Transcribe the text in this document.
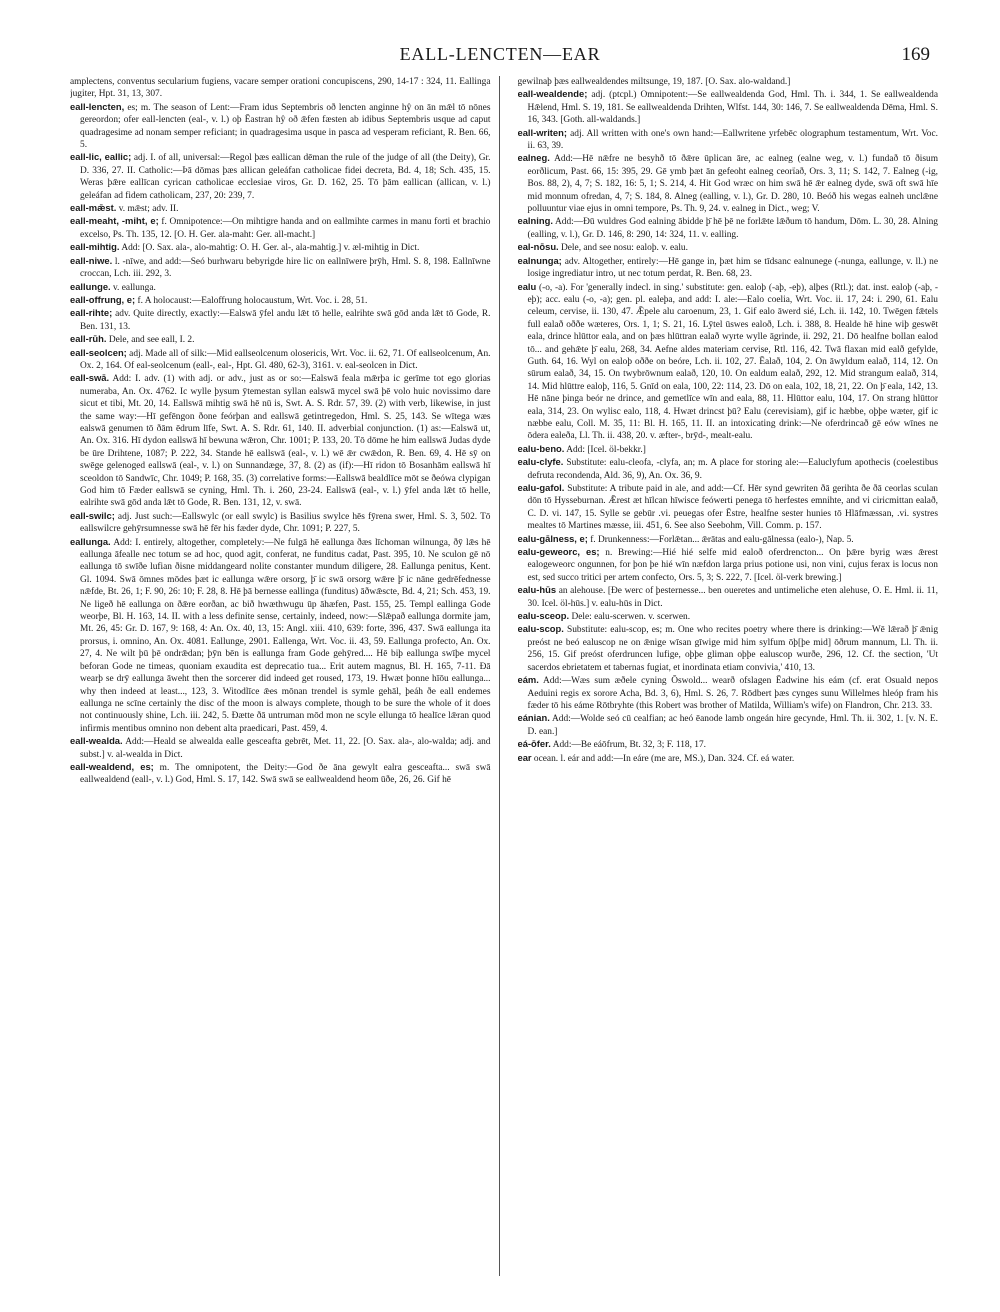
EALL-LENCTEN—EAR	169

amplectens, conventus secularium fugiens, vacare semper orationi concupiscens, 290, 14-17 : 324, 11. Eallinga jugiter, Hpt. 31, 13, 307.

eall-lencten, es; m. The season of Lent:—Fram idus Septembris oð lencten anginne hŷ on ān mǣl tō nōnes gereordon; ofer eall-lencten (eal-, v. l.) oþ Ēastran hŷ oð ǣfen fæsten ab idibus Septembris usque ad caput quadragesime ad nonam semper reficiant; in quadragesima usque in pasca ad vesperam reficiant, R. Ben. 66, 5.

eall-lic, eallic; adj. I. of all, universal:—Regol þæs eallican dēman the rule of the judge of all (the Deity), Gr. D. 336, 27. II. Catholic:—Þā dōmas þæs allican geleáfan catholicae fidei decreta, Bd. 4, 18; Sch. 435, 15. Weras þǣre eallīcan cyrican catholicae ecclesiae viros, Gr. D. 162, 25. Tō þām eallican (allican, v. l.) geleáfan ad fidem catholicam, 237, 20: 239, 7.

eall-mǣst. v. mǣst; adv. II.

eall-meaht, -miht, e; f. Omnipotence:—On mihtigre handa and on eallmihte carmes in manu forti et brachio excelso, Ps. Th. 135, 12. [O. H. Ger. ala-maht: Ger. all-macht.]

eall-mihtig. Add: [O. Sax. ala-, alo-mahtig: O. H. Ger. al-, ala-mahtig.] v. æl-mihtig in Dict.

eall-niwe. l. -nīwe, and add:—Seó burhwaru bebyrigde hire lic on eallnīwere þrȳh, Hml. S. 8, 198. Eallnīwne croccan, Lch. iii. 292, 3.

eallunge. v. eallunga.

eall-offrung, e; f. A holocaust:—Ealoffrung holocaustum, Wrt. Voc. i. 28, 51.

eall-rihte; adv. Quite directly, exactly:—Ealswā ȳfel andu lǣt tō helle, ealrihte swā gōd anda lǣt tō Gode, R. Ben. 131, 13.

eall-rūh. Dele, and see eall, I. 2.

eall-seolcen; adj. Made all of silk:—Mid eallseolcenum olosericis, Wrt. Voc. ii. 62, 71. Of eallseolcenum, An. Ox. 2, 164. Of eal-seolcenum (eall-, eal-, Hpt. Gl. 480, 62-3), 3161. v. eal-seolcen in Dict.

eall-swā. Add: I. adv. (1) with adj. or adv., just as or so:—Ealswā feala mǣrþa ic gerīme tot ego glorias numeraba, An. Ox. 4762. Ic wylle þysum ȳtemestan syllan ealswā mycel swā þē volo huic novissimo dare sicut et tibi, Mt. 20, 14. Eallswā mihtig swā hē nū is, Swt. A. S. Rdr. 57, 39. (2) with verb, likewise, in just the same way:—Hī gefēngon ðone feórþan and eallswā getintregedon, Hml. S. 25, 143. Se wītega wæs ealswā genumen tō ðām ēdrum līfe, Swt. A. S. Rdr. 61, 140. II. adverbial conjunction. (1) as:—Ealswā ut, An. Ox. 316. Hī dydon eallswā hī bewuna wǣron, Chr. 1001; P. 133, 20. Tō dōme he him eallswā Judas dyde be ūre Drihtene, 1087; P. 222, 34. Stande hē eallswā (eal-, v. l.) wē ǣr cwǣdon, R. Ben. 69, 4. Hē sȳ on swēge gelenoged eallswā (eal-, v. l.) on Sunnandæge, 37, 8. (2) as (if):—Hī ridon tō Bosanhām eallswā hī sceoldon tō Sandwīc, Chr. 1049; P. 168, 35. (3) correlative forms:—Eallswā bealdlīce mōt se ðeówa clypigan God him tō Fæder eallswā se cyning, Hml. Th. i. 260, 23-24. Eallswā (eal-, v. l.) ȳfel anda lǣt tō helle, ealrihte swā gōd anda lǣt tō Gode, R. Ben. 131, 12, v. swā.

eall-swilc; adj. Just such:—Eallswylc (or eall swylc) is Basilius swylce hēs fȳrena swer, Hml. S. 3, 502. Tō eallswilcre gehȳrsumnesse swā hē fēr his fæder dyde, Chr. 1091; P. 227, 5.

eallunga. Add: I. entirely, altogether, completely:—Ne fulgā hē eallunga ðæs līchoman wilnunga, ðȳ lǣs hē eallunga āfealle nec totum se ad hoc, quod agit, conferat, ne funditus cadat, Past. 395, 10. Ne sculon gē nō eallunga tō swīðe lufian ðisne middangeard nolite constanter mundum diligere, 28. Eallunga penitus, Kent. Gl. 1094. Swā ōmnes mōdes þæt ic eallunga wǣre orsorg, þ̄ ic swā orsorg wǣre þ̄ ic nāne gedrēfednesse nǣfde, Bt. 26, 1; F. 90, 26: 10; F. 28, 8. Hē þā bernesse eallinga (funditus) āðwǣscte, Bd. 4, 21; Sch. 453, 19. Ne ligeð hē eallunga on ðǣre eorðan, ac bið hwæthwugu ūp āhæfen, Past. 155, 25. Templ eallinga Gode weorþe, Bl. H. 163, 14. II. with a less definite sense, certainly, indeed, now:—Slǣpað eallunga dormite jam, Mt. 26, 45: Gr. D. 167, 9: 168, 4: An. Ox. 40, 13, 15: Angl. xiii. 410, 639: forte, 396, 437. Swā eallunga ita prorsus, i. omnino, An. Ox. 4081. Eallunge, 2901. Eallenga, Wrt. Voc. ii. 43, 59. Eallunga profecto, An. Ox. 27, 4. Ne wilt þū þē ondrǣdan; þȳn bēn is eallunga fram Gode gehȳred.... Hē biþ eallunga swīþe mycel beforan Gode ne timeas, quoniam exaudita est deprecatio tua... Erit autem magnus, Bl. H. 165, 7-11. Ðā wearþ se drȳ eallunga āweht then the sorcerer did indeed get roused, 173, 19. Hwæt þonne hīōu eallunga... why then indeed at least..., 123, 3. Witodlīce ǣes mōnan trendel is symle gehāl, þeáh ðe eall endemes eallunga ne scīne certainly the disc of the moon is always complete, though to be sure the whole of it does not continuously shine, Lch. iii. 242, 5. Ðætte ðā untruman mōd mon ne scyle ellunga tō healīce lǣran quod infirmis mentibus omnino non debent alta praedicari, Past. 459, 4.

eall-wealda. Add:—Heald se alwealda ealle gesceafta gebrēt, Met. 11, 22. [O. Sax. ala-, alo-walda; adj. and subst.] v. al-wealda in Dict.

eall-wealdend, es; m. The omnipotent, the Deity:—God ðe āna gewylt ealra gesceafta... swā swā eallwealdend (eall-, v. l.) God, Hml. S. 17, 142. Swā swā se eallwealdend heom ūðe, 26, 26. Gif hē

gewilnaþ þæs eallwealdendes miltsunge, 19, 187. [O. Sax. alo-waldand.]

eall-wealdende; adj. (ptcpl.) Omnipotent:—Se eallwealdenda God, Hml. Th. i. 344, 1. Se eallwealdenda Hǣlend, Hml. S. 19, 181. Se eallwealdenda Drihten, Wlfst. 144, 30: 146, 7. Se eallwealdenda Dēma, Hml. S. 16, 343. [Goth. all-waldands.]

eall-writen; adj. All written with one's own hand:—Eallwritene yrfebēc olographum testamentum, Wrt. Voc. ii. 63, 39.

ealneg. Add:—Hē nǣfre ne besyhð tō ðǣre ūplican āre, ac ealneg (ealne weg, v. l.) fundað tō ðisum eorðlicum, Past. 66, 15: 395, 29. Gē ymb þæt ān gefeoht ealneg ceorïað, Ors. 3, 11; S. 142, 7. Ealneg (-ig, Bos. 88, 2), 4, 7; S. 182, 16: 5, 1; S. 214, 4. Hit God wræc on him swā hē ǣr ealneg dyde, swā oft swā hīe mid monnum ofredan, 4, 7; S. 184, 8. Alneg (ealling, v. l.), Gr. D. 280, 10. Beóð his wegas ealneh unclǣne polluuntur viae ejus in omni tempore, Ps. Th. 9, 24. v. ealneg in Dict., weg; V.

ealning. Add:—Ðū wuldres God ealning ābidde þ̄ hē þē ne forlǣte lǣðum tō handum, Dōm. L. 30, 28. Alning (ealling, v. l.), Gr. D. 146, 8: 290, 14: 324, 11. v. ealling.

eal-nōsu. Dele, and see nosu: ealoþ. v. ealu.

ealnunga; adv. Altogether, entirely:—Hē gange in, þæt him se tīdsanc ealnunege (-nunga, eallunge, v. ll.) ne losige ingrediatur intro, ut nec totum perdat, R. Ben. 68, 23.

ealu (-o, -a). For 'generally indecl. in sing.' substitute: gen. ealoþ (-aþ, -eþ), alþes (Rtl.); dat. inst. ealoþ (-aþ, -eþ); acc. ealu (-o, -a); gen. pl. ealeþa, and add: I. ale:—Ealo coelia, Wrt. Voc. ii. 17, 24: i. 290, 61. Ealu celeum, cervise, ii. 130, 47. Ǣpele alu caroenum, 23, 1. Gif ealo āwerd sié, Lch. ii. 142, 10. Twēgen fǣtels full ealað oððe wæteres, Ors. 1, 1; S. 21, 16. Lȳtel ūswes ealoð, Lch. i. 388, 8. Healde hē hine wiþ geswēt eala, drince hlūttor eala, and on þæs hlūttran ealað wyrte wylle āgrinde, ii. 292, 21. Dō healfne bollan ealod tō... and gehǣte þ̄ ealu, 268, 34. Aefne aldes materiam cervise, Rtl. 116, 42. Twā flaxan mid ealð gefylde, Guth. 64, 16. Wyl on ealoþ oððe on beóre, Lch. ii. 102, 27. Ēalað, 104, 2. On āwyldum ealað, 114, 12. On sūrum ealað, 34, 15. On twybrōwnum ealað, 120, 10. On ealdum ealað, 292, 12. Mid strangum ealað, 314, 14. Mid hlūttre ealoþ, 116, 5. Gnīd on eala, 100, 22: 114, 23. Dō on eala, 102, 18, 21, 22. On þ̄ eala, 142, 13. Hē nāne þinga beór ne drince, and gemetlīce wīn and eala, 88, 11. Hlūttor ealu, 104, 17. On strang hlūttor eala, 314, 23. On wylisc ealo, 118, 4. Hwæt drincst þū? Ealu (cerevisiam), gif ic hæbbe, oþþe wæter, gif ic næbbe ealu, Coll. M. 35, 11: Bl. H. 165, 11. II. an intoxicating drink:—Ne oferdrincað gē eów wīnes ne ōdera ealeða, Ll. Th. ii. 438, 20. v. æfter-, brȳd-, mealt-ealu.

ealu-beno. Add: [Icel. öl-bekkr.]

ealu-clyfe. Substitute: ealu-cleofa, -clyfa, an; m. A place for storing ale:—Ealuclyfum apothecis (coelestibus defruta recondenda, Ald. 36, 9), An. Ox. 36, 9.

ealu-gafol. Substitute: A tribute paid in ale, and add:—Cf. Hēr synd gewriten ðā gerihta ðe ðā ceorlas sculan dōn tō Hysseburnan. Ǣrest æt hīlcan hīwisce feówerti penega tō herfestes emnihte, and vi ciricmittan ealað, C. D. vi. 147, 15. Sylle se gebūr .vi. peuegas ofer Ēstre, healfne sester hunies tō Hlāfmæssan, .vi. systres mealtes tō Martines mæsse, iii. 451, 6. See also Seebohm, Vill. Comm. p. 157.

ealu-gālness, e; f. Drunkenness:—Forlǣtan... ǣrātas and ealu-gālnessa (ealo-), Nap. 5.

ealu-geweorc, es; n. Brewing:—Hié hié selfe mid ealoð oferdrencton... On þǣre byrig wæs ǣrest ealogeweorc ongunnen, for þon þe hié wīn næfdon larga prius potione usi, non vini, cujus ferax is locus non est, sed succo tritici per artem confecto, Ors. 5, 3; S. 222, 7. [Icel. öl-verk brewing.]

ealu-hūs an alehouse. [Ðe werc of þesternesse... ben oueretes and untimeliche eten alehuse, O. E. Hml. ii. 11, 30. Icel. öl-hūs.] v. ealu-hūs in Dict.

ealu-sceop. Dele: ealu-scerwen. v. scerwen.

ealu-scop. Substitute: ealu-scop, es; m. One who recites poetry where there is drinking:—Wē lǣrað þ̄ ǣnig preóst ne beó ealuscop ne on ǣnige wīsan gīwige mid him sylfum ōþ[þe mid] ōðrum mannum, Ll. Th. ii. 256, 15. Gif preóst oferdruncen lufige, oþþe gliman oþþe ealuscop wurðe, 296, 12. Cf. the section, 'Ut sacerdos ebrietatem et tabernas fugiat, et inordinata etiam convivia,' 410, 13.

eám. Add:—Wæs sum æðele cyning Ōswold... wearð ofslagen Ēadwine his eám (cf. erat Osuald nepos Aeduini regis ex sorore Acha, Bd. 3, 6), Hml. S. 26, 7. Rōdbert þæs cynges sunu Willelmes hleóp fram his fæder tō his eáme Rōtbryhte (this Robert was brother of Matilda, William's wife) on Flandron, Chr. 213. 33.

eánian. Add:—Wolde seó cū cealfian; ac heó ēanode lamb ongeán hire gecynde, Hml. Th. ii. 302, 1. [v. N. E. D. ean.]

eá-ōfer. Add:—Be eáōfrum, Bt. 32, 3; F. 118, 17.

ear ocean. l. eár and add:—In eáre (me are, MS.), Dan. 324. Cf. eá water.
